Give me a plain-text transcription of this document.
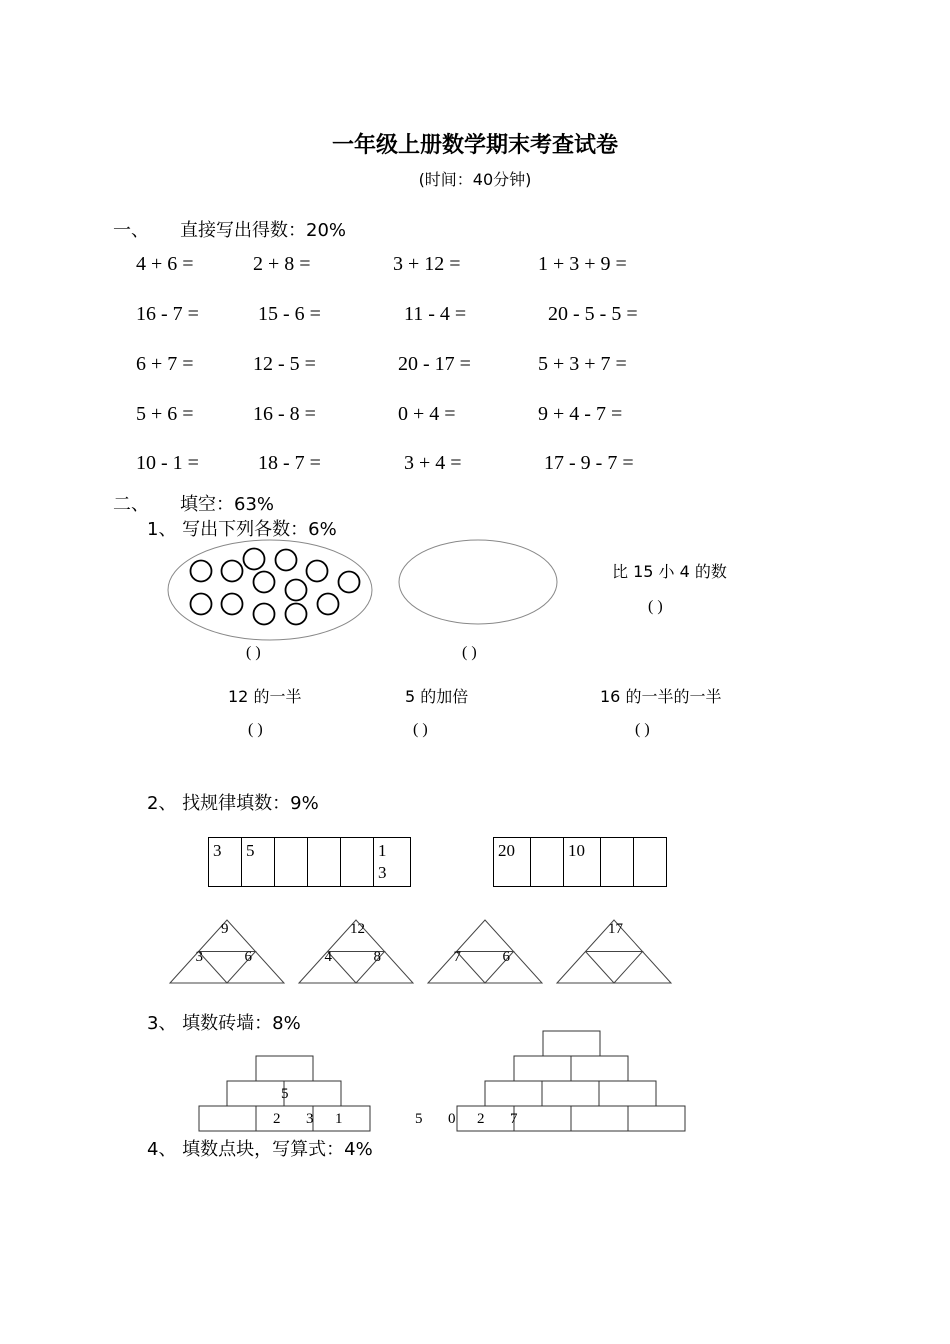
一年级上册数学期末考查试卷
(时间：40分钟)
一、 直接写出得数：20%
4 + 6 =	2 + 8 =	3 + 12 =	1 + 3 + 9 =
16 - 7 =	15 - 6 =	11 - 4 =	20 - 5 - 5 =
6 + 7 =	12 - 5 =	20 - 17 =	5 + 3 + 7 =
5 + 6 =	16 - 8 =	0 + 4 =	9 + 4 - 7 =
10 - 1 =	18 - 7 =	3 + 4 =	17 - 9 - 7 =
二、 填空：63%
1、 写出下列各数：6%
比 15 小 4 的数
( )
( )	( )
12 的一半	5 的加倍	16 的一半的一半
( )	( )	( )
2、 找规律填数：9%
3	5				1
3
20		10		
9
3	6
12
4	8	7	6
17
3、 填数砖墙：8%
5
2 3 1	5 0 2 7
4、 填数点块，写算式：4%
